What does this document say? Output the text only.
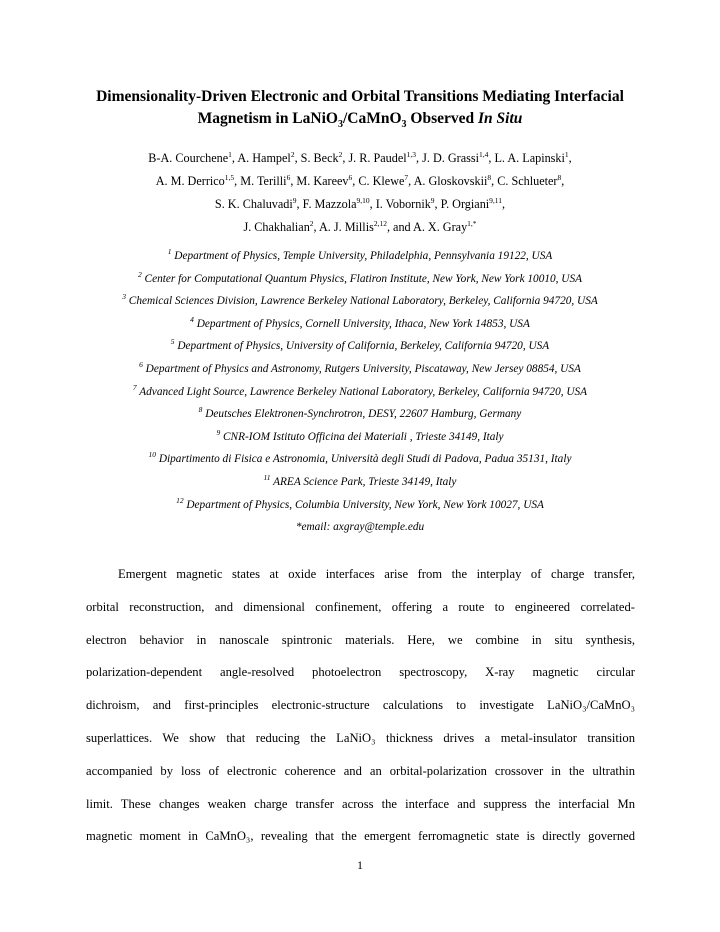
Dimensionality-Driven Electronic and Orbital Transitions Mediating Interfacial
Magnetism in LaNiO$_3$/CaMnO$_3$ Observed In Situ
B-A. Courchene$^1$, A. Hampel$^2$, S. Beck$^2$, J. R. Paudel$^{1,3}$, J. D. Grassi$^{1,4}$, L. A. Lapinski$^1$,
A. M. Derrico$^{1,5}$, M. Terilli$^6$, M. Kareev$^6$, C. Klewe$^7$, A. Gloskovskii$^8$, C. Schlueter$^8$,
S. K. Chaluvadi$^9$, F. Mazzola$^{9,10}$, I. Vobornik$^9$, P. Orgiani$^{9,11}$,
J. Chakhalian$^2$, A. J. Millis$^{2,12}$, and A. X. Gray$^{1,*}$
$^1$ Department of Physics, Temple University, Philadelphia, Pennsylvania 19122, USA
$^2$ Center for Computational Quantum Physics, Flatiron Institute, New York, New York 10010, USA
$^3$ Chemical Sciences Division, Lawrence Berkeley National Laboratory, Berkeley, California 94720, USA
$^4$ Department of Physics, Cornell University, Ithaca, New York 14853, USA
$^5$ Department of Physics, University of California, Berkeley, California 94720, USA
$^6$ Department of Physics and Astronomy, Rutgers University, Piscataway, New Jersey 08854, USA
$^7$ Advanced Light Source, Lawrence Berkeley National Laboratory, Berkeley, California 94720, USA
$^8$ Deutsches Elektronen-Synchrotron, DESY, 22607 Hamburg, Germany
$^9$ CNR-IOM Istituto Officina dei Materiali , Trieste 34149, Italy
$^{10}$ Dipartimento di Fisica e Astronomia, Università degli Studi di Padova, Padua 35131, Italy
$^{11}$ AREA Science Park, Trieste 34149, Italy
$^{12}$ Department of Physics, Columbia University, New York, New York 10027, USA
*email: axgray@temple.edu
Emergent magnetic states at oxide interfaces arise from the interplay of charge transfer,
orbital reconstruction, and dimensional confinement, offering a route to engineered correlated-
electron behavior in nanoscale spintronic materials. Here, we combine in situ synthesis,
polarization-dependent angle-resolved photoelectron spectroscopy, X-ray magnetic circular
dichroism, and first-principles electronic-structure calculations to investigate LaNiO₃/CaMnO₃
superlattices. We show that reducing the LaNiO₃ thickness drives a metal-insulator transition
accompanied by loss of electronic coherence and an orbital-polarization crossover in the ultrathin
limit. These changes weaken charge transfer across the interface and suppress the interfacial Mn
magnetic moment in CaMnO₃, revealing that the emergent ferromagnetic state is directly governed
1
